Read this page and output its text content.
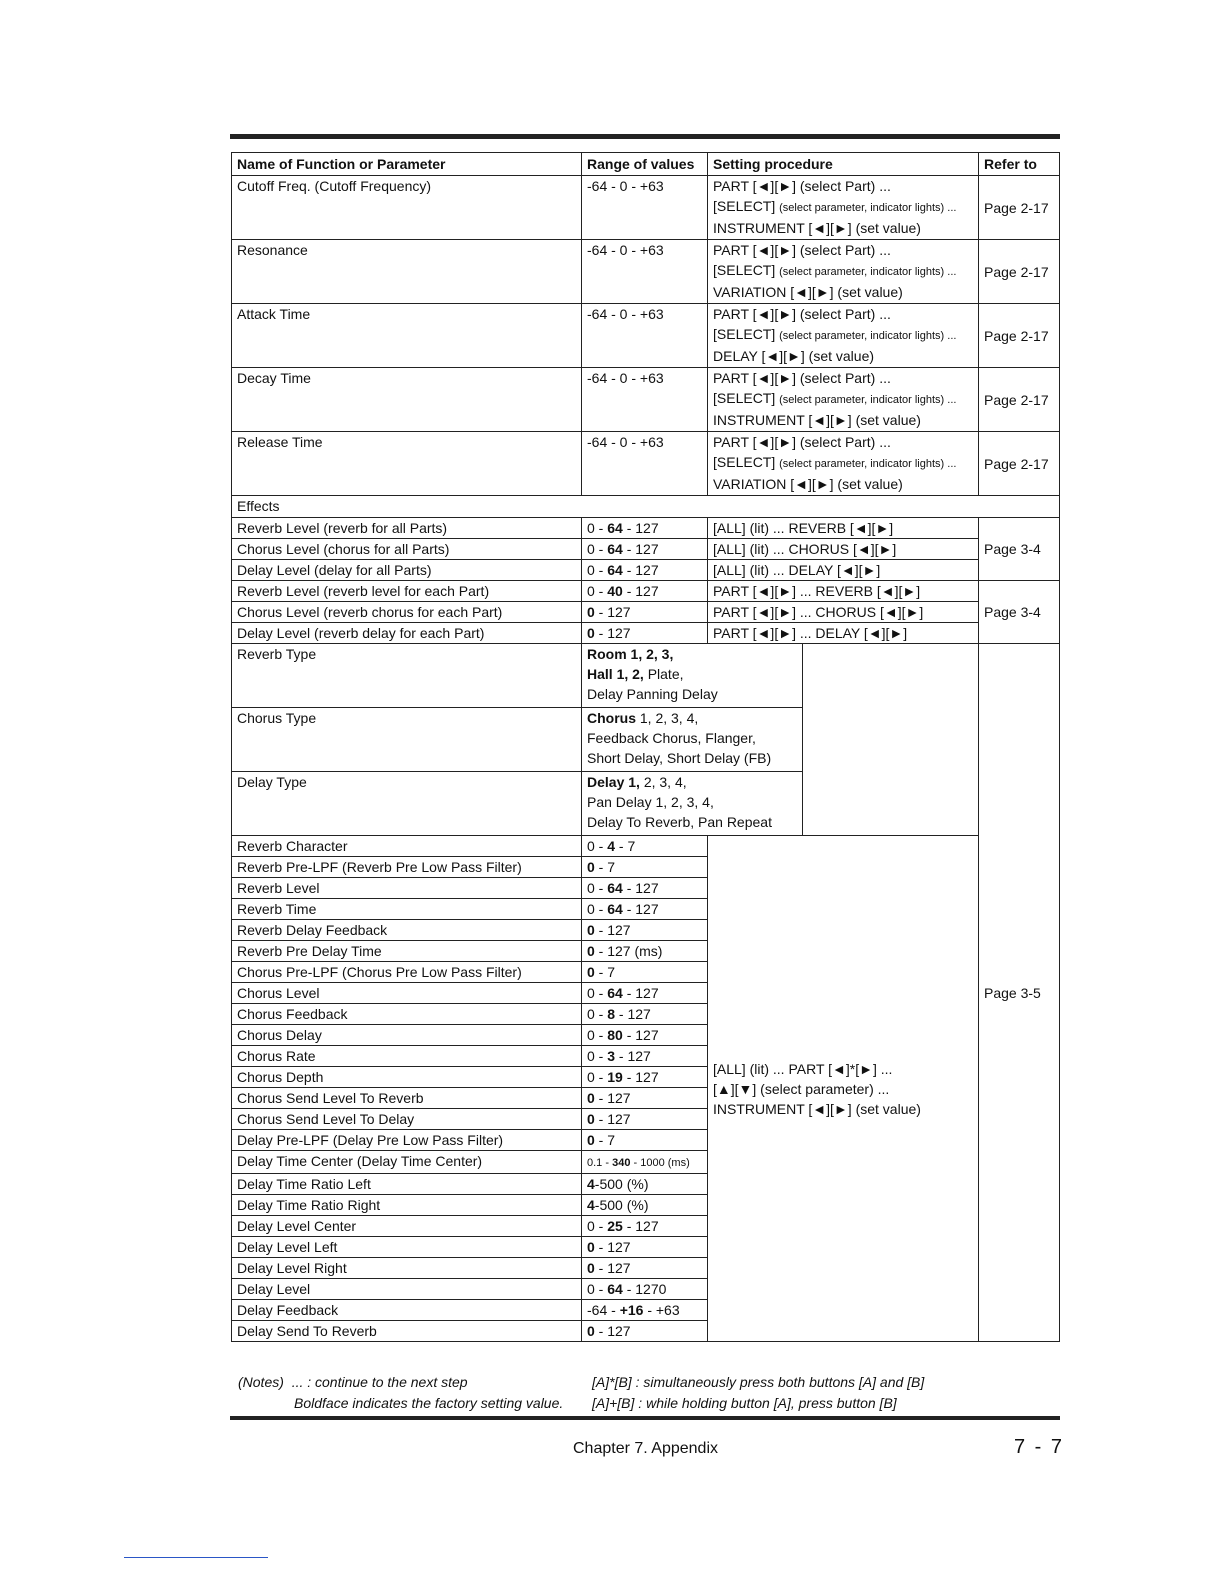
Name of Function or Parameter	Range of values	Setting procedure		Refer to
Cutoff Freq. (Cutoff Frequency)	-64 - 0 - +63	PART [◄][►] (select Part) ...
[SELECT] (select parameter, indicator lights) ...
INSTRUMENT [◄][►] (set value)		Page 2-17
Resonance	-64 - 0 - +63	PART [◄][►] (select Part) ...
[SELECT] (select parameter, indicator lights) ...
VARIATION [◄][►] (set value)		Page 2-17
Attack Time	-64 - 0 - +63	PART [◄][►] (select Part) ...
[SELECT] (select parameter, indicator lights) ...
DELAY [◄][►] (set value)		Page 2-17
Decay Time	-64 - 0 - +63	PART [◄][►] (select Part) ...
[SELECT] (select parameter, indicator lights) ...
INSTRUMENT [◄][►] (set value)		Page 2-17
Release Time	-64 - 0 - +63	PART [◄][►] (select Part) ...
[SELECT] (select parameter, indicator lights) ...
VARIATION [◄][►] (set value)		Page 2-17
Effects				
Reverb Level (reverb for all Parts)	0 - 64 - 127	[ALL] (lit) ... REVERB [◄][►]		Page 3-4
Chorus Level (chorus for all Parts)	0 - 64 - 127	[ALL] (lit) ... CHORUS [◄][►]		
Delay Level (delay for all Parts)	0 - 64 - 127	[ALL] (lit) ... DELAY [◄][►]		
Reverb Level (reverb level for each Part)	0 - 40 - 127	PART [◄][►] ... REVERB [◄][►]		Page 3-4
Chorus Level (reverb chorus for each Part)	0 - 127	PART [◄][►] ... CHORUS [◄][►]		
Delay Level (reverb delay for each Part)	0 - 127	PART [◄][►] ... DELAY [◄][►]		
Reverb Type	Room 1, 2, 3,
Hall 1, 2, Plate,
Delay Panning Delay			Page 3-5
Chorus Type	Chorus 1, 2, 3, 4,
Feedback Chorus, Flanger,
Short Delay, Short Delay (FB)			

Delay Type	Delay 1, 2, 3, 4,
Pan Delay 1, 2, 3, 4,
Delay To Reverb, Pan Repeat			

Reverb Character	0 - 4 - 7	[ALL] (lit) ... PART [◄]*[►] ...
[▲][▼] (select parameter) ...
INSTRUMENT [◄][►] (set value)		

Reverb Pre-LPF (Reverb Pre Low Pass Filter)	0 - 7			
Reverb Level	0 - 64 - 127			
Reverb Time	0 - 64 - 127			
Reverb Delay Feedback	0 - 127			
Reverb Pre Delay Time	0 - 127 (ms)			
Chorus Pre-LPF (Chorus Pre Low Pass Filter)	0 - 7			
Chorus Level	0 - 64 - 127			
Chorus Feedback	0 - 8 - 127			
Chorus Delay	0 - 80 - 127			
Chorus Rate	0 - 3 - 127			
Chorus Depth	0 - 19 - 127			
Chorus Send Level To Reverb	0 - 127			
Chorus Send Level To Delay	0 - 127			
Delay Pre-LPF (Delay Pre Low Pass Filter)	0 - 7			
Delay Time Center (Delay Time Center)	0.1 - 340 - 1000 (ms)			
Delay Time Ratio Left	4-500 (%)			
Delay Time Ratio Right	4-500 (%)			
Delay Level Center	0 - 25 - 127			
Delay Level Left	0 - 127			
Delay Level Right	0 - 127			
Delay Level	0 - 64 - 1270			
Delay Feedback	-64 - +16 - +63			
Delay Send To Reverb	0 - 127			
(Notes) ... : continue to the next step
Boldface indicates the factory setting value.
[A]*[B] : simultaneously press both buttons [A] and [B]
[A]+[B] : while holding button [A], press button [B]
Chapter 7. Appendix	7 - 7
